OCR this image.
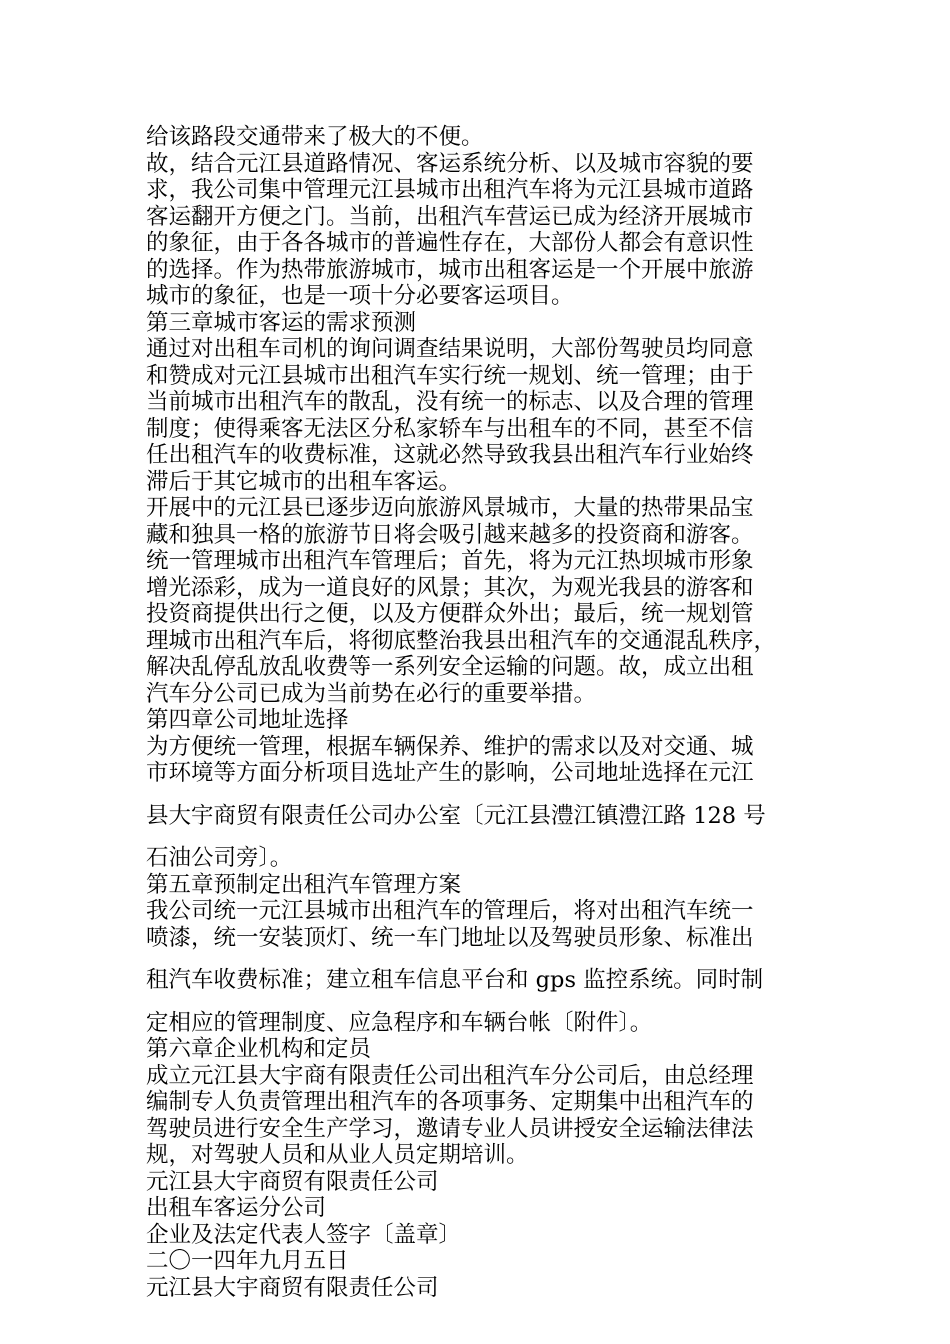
给该路段交通带来了极大的不便。
故，结合元江县道路情况、客运系统分析、以及城市容貌的要
求，我公司集中管理元江县城市出租汽车将为元江县城市道路
客运翻开方便之门。当前，出租汽车营运已成为经济开展城市
的象征，由于各各城市的普遍性存在，大部份人都会有意识性
的选择。作为热带旅游城市，城市出租客运是一个开展中旅游
城市的象征，也是一项十分必要客运项目。
第三章城市客运的需求预测
通过对出租车司机的询问调查结果说明，大部份驾驶员均同意
和赞成对元江县城市出租汽车实行统一规划、统一管理；由于
当前城市出租汽车的散乱，没有统一的标志、以及合理的管理
制度；使得乘客无法区分私家轿车与出租车的不同，甚至不信
任出租汽车的收费标准，这就必然导致我县出租汽车行业始终
滞后于其它城市的出租车客运。
开展中的元江县已逐步迈向旅游风景城市，大量的热带果品宝
藏和独具一格的旅游节日将会吸引越来越多的投资商和游客。
统一管理城市出租汽车管理后；首先，将为元江热坝城市形象
增光添彩，成为一道良好的风景；其次，为观光我县的游客和
投资商提供出行之便，以及方便群众外出；最后，统一规划管
理城市出租汽车后，将彻底整治我县出租汽车的交通混乱秩序，
解决乱停乱放乱收费等一系列安全运输的问题。故，成立出租
汽车分公司已成为当前势在必行的重要举措。
第四章公司地址选择
为方便统一管理，根据车辆保养、维护的需求以及对交通、城
市环境等方面分析项目选址产生的影响，公司地址选择在元江
县大宇商贸有限责任公司办公室〔元江县澧江镇澧江路 128 号
石油公司旁〕。
第五章预制定出租汽车管理方案
我公司统一元江县城市出租汽车的管理后，将对出租汽车统一
喷漆，统一安装顶灯、统一车门地址以及驾驶员形象、标准出
租汽车收费标准；建立租车信息平台和 gps 监控系统。同时制
定相应的管理制度、应急程序和车辆台帐〔附件〕。
第六章企业机构和定员
成立元江县大宇商有限责任公司出租汽车分公司后，由总经理
编制专人负责管理出租汽车的各项事务、定期集中出租汽车的
驾驶员进行安全生产学习，邀请专业人员讲授安全运输法律法
规，对驾驶人员和从业人员定期培训。
元江县大宇商贸有限责任公司
出租车客运分公司
企业及法定代表人签字〔盖章〕
二〇一四年九月五日
元江县大宇商贸有限责任公司
